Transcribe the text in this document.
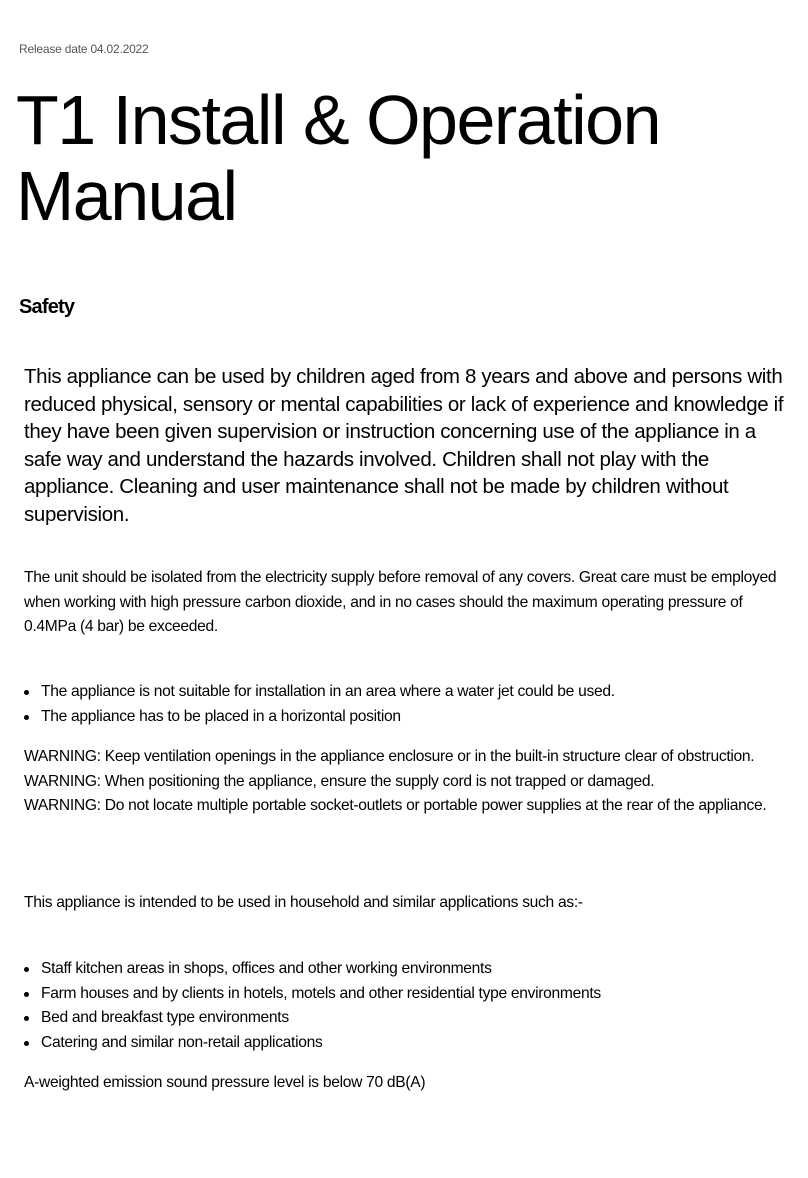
Release date 04.02.2022
T1 Install & Operation Manual
Safety

This appliance can be used by children aged from 8 years and above and persons with reduced physical, sensory or mental capabilities or lack of experience and knowledge if they have been given supervision or instruction concerning use of the appliance in a safe way and understand the hazards involved. Children shall not play with the appliance. Cleaning and user maintenance shall not be made by children without supervision.

The unit should be isolated from the electricity supply before removal of any covers. Great care must be employed when working with high pressure carbon dioxide, and in no cases should the maximum operating pressure of 0.4MPa (4 bar) be exceeded.

The appliance is not suitable for installation in an area where a water jet could be used.
The appliance has to be placed in a horizontal position

WARNING: Keep ventilation openings in the appliance enclosure or in the built-in structure clear of obstruction.

WARNING: When positioning the appliance, ensure the supply cord is not trapped or damaged.

WARNING: Do not locate multiple portable socket-outlets or portable power supplies at the rear of the appliance.

This appliance is intended to be used in household and similar applications such as:-

Staff kitchen areas in shops, offices and other working environments
Farm houses and by clients in hotels, motels and other residential type environments
Bed and breakfast type environments
Catering and similar non-retail applications

A-weighted emission sound pressure level is below 70 dB(A)
